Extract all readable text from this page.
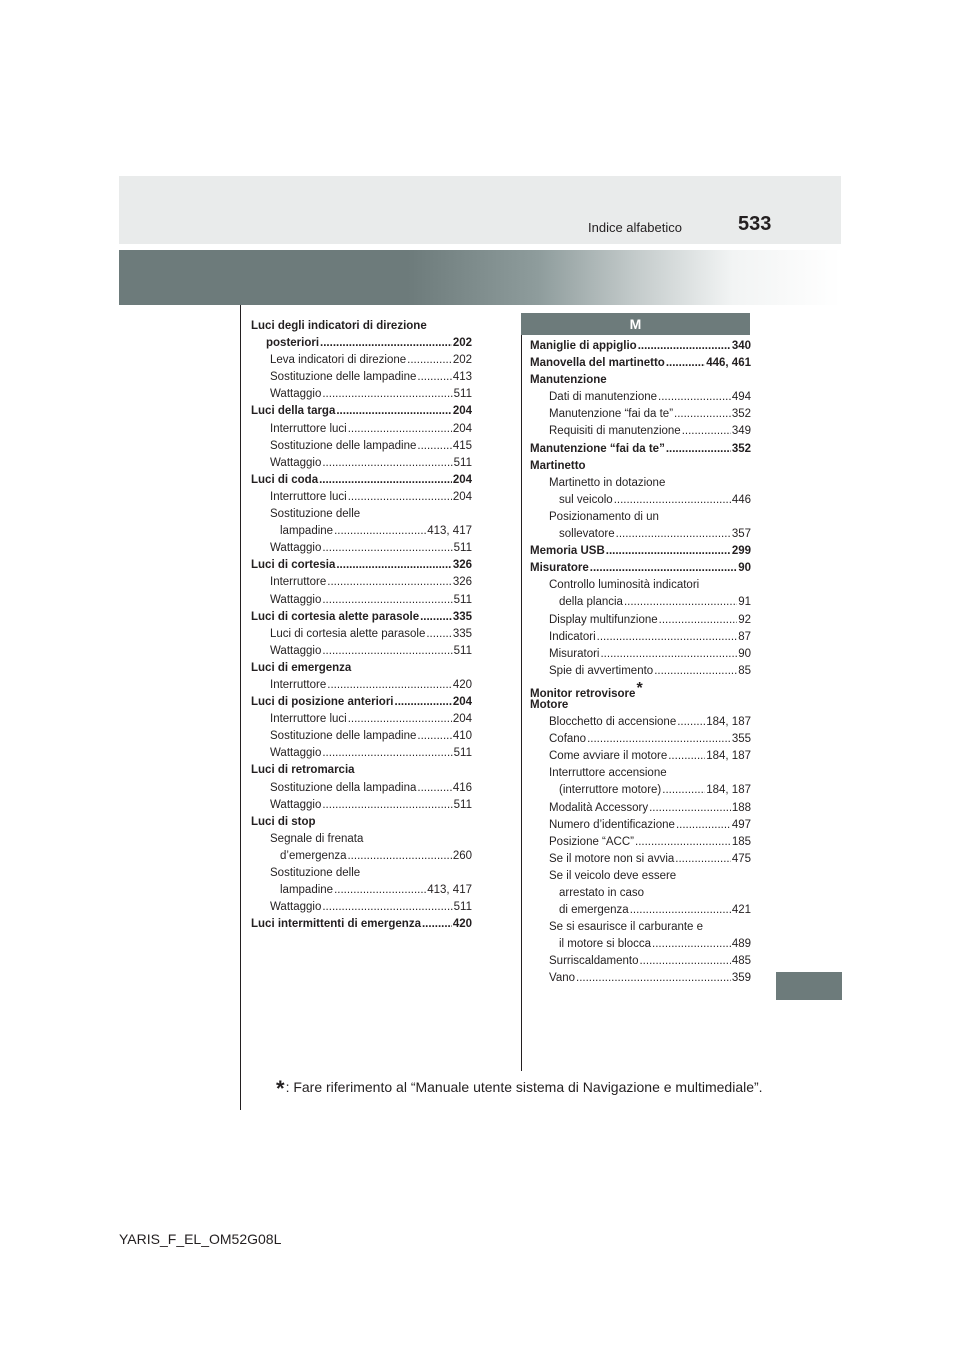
Indice alfabetico	533
Luci degli indicatori di direzione
posteriori .....	202
Leva indicatori di direzione .....	202
Sostituzione delle lampadine .....	413
Wattaggio .....	511
Luci della targa .....	204
Interruttore luci .....	204
Sostituzione delle lampadine .....	415
Wattaggio .....	511
Luci di coda .....	204
Interruttore luci .....	204
Sostituzione delle
lampadine .....	413, 417
Wattaggio .....	511
Luci di cortesia .....	326
Interruttore .....	326
Wattaggio .....	511
Luci di cortesia alette parasole .....	335
Luci di cortesia alette parasole ..... 335
Wattaggio .....	511
Luci di emergenza
Interruttore .....	420
Luci di posizione anteriori .....	204
Interruttore luci .....	204
Sostituzione delle lampadine .....	410
Wattaggio .....	511
Luci di retromarcia
Sostituzione della lampadina .....	416
Wattaggio .....	511
Luci di stop
Segnale di frenata
d’emergenza .....	260
Sostituzione delle
lampadine .....	413, 417
Wattaggio .....	511
Luci intermittenti di emergenza .....	420
M
Maniglie di appiglio .....	340
Manovella del martinetto .....	446, 461
Manutenzione
Dati di manutenzione .....	494
Manutenzione “fai da te” .....	352
Requisiti di manutenzione .....	349
Manutenzione “fai da te” .....	352
Martinetto
Martinetto in dotazione
sul veicolo .....	446
Posizionamento di un
sollevatore .....	357
Memoria USB .....	299
Misuratore .....	90
Controllo luminosità indicatori
della plancia .....	91
Display multifunzione .....	92
Indicatori .....	87
Misuratori .....	90
Spie di avvertimento .....	85
Monitor retrovisore*
Motore
Blocchetto di accensione .....	184, 187
Cofano .....	355
Come avviare il motore .....	184, 187
Interruttore accensione
(interruttore motore) .....	184, 187
Modalità Accessory .....	188
Numero d’identificazione .....	497
Posizione “ACC” .....	185
Se il motore non si avvia .....	475
Se il veicolo deve essere
arrestato in caso
di emergenza .....	421
Se si esaurisce il carburante e
il motore si blocca .....	489
Surriscaldamento .....	485
Vano .....	359
*: Fare riferimento al “Manuale utente sistema di Navigazione e multimediale”.
YARIS_F_EL_OM52G08L
